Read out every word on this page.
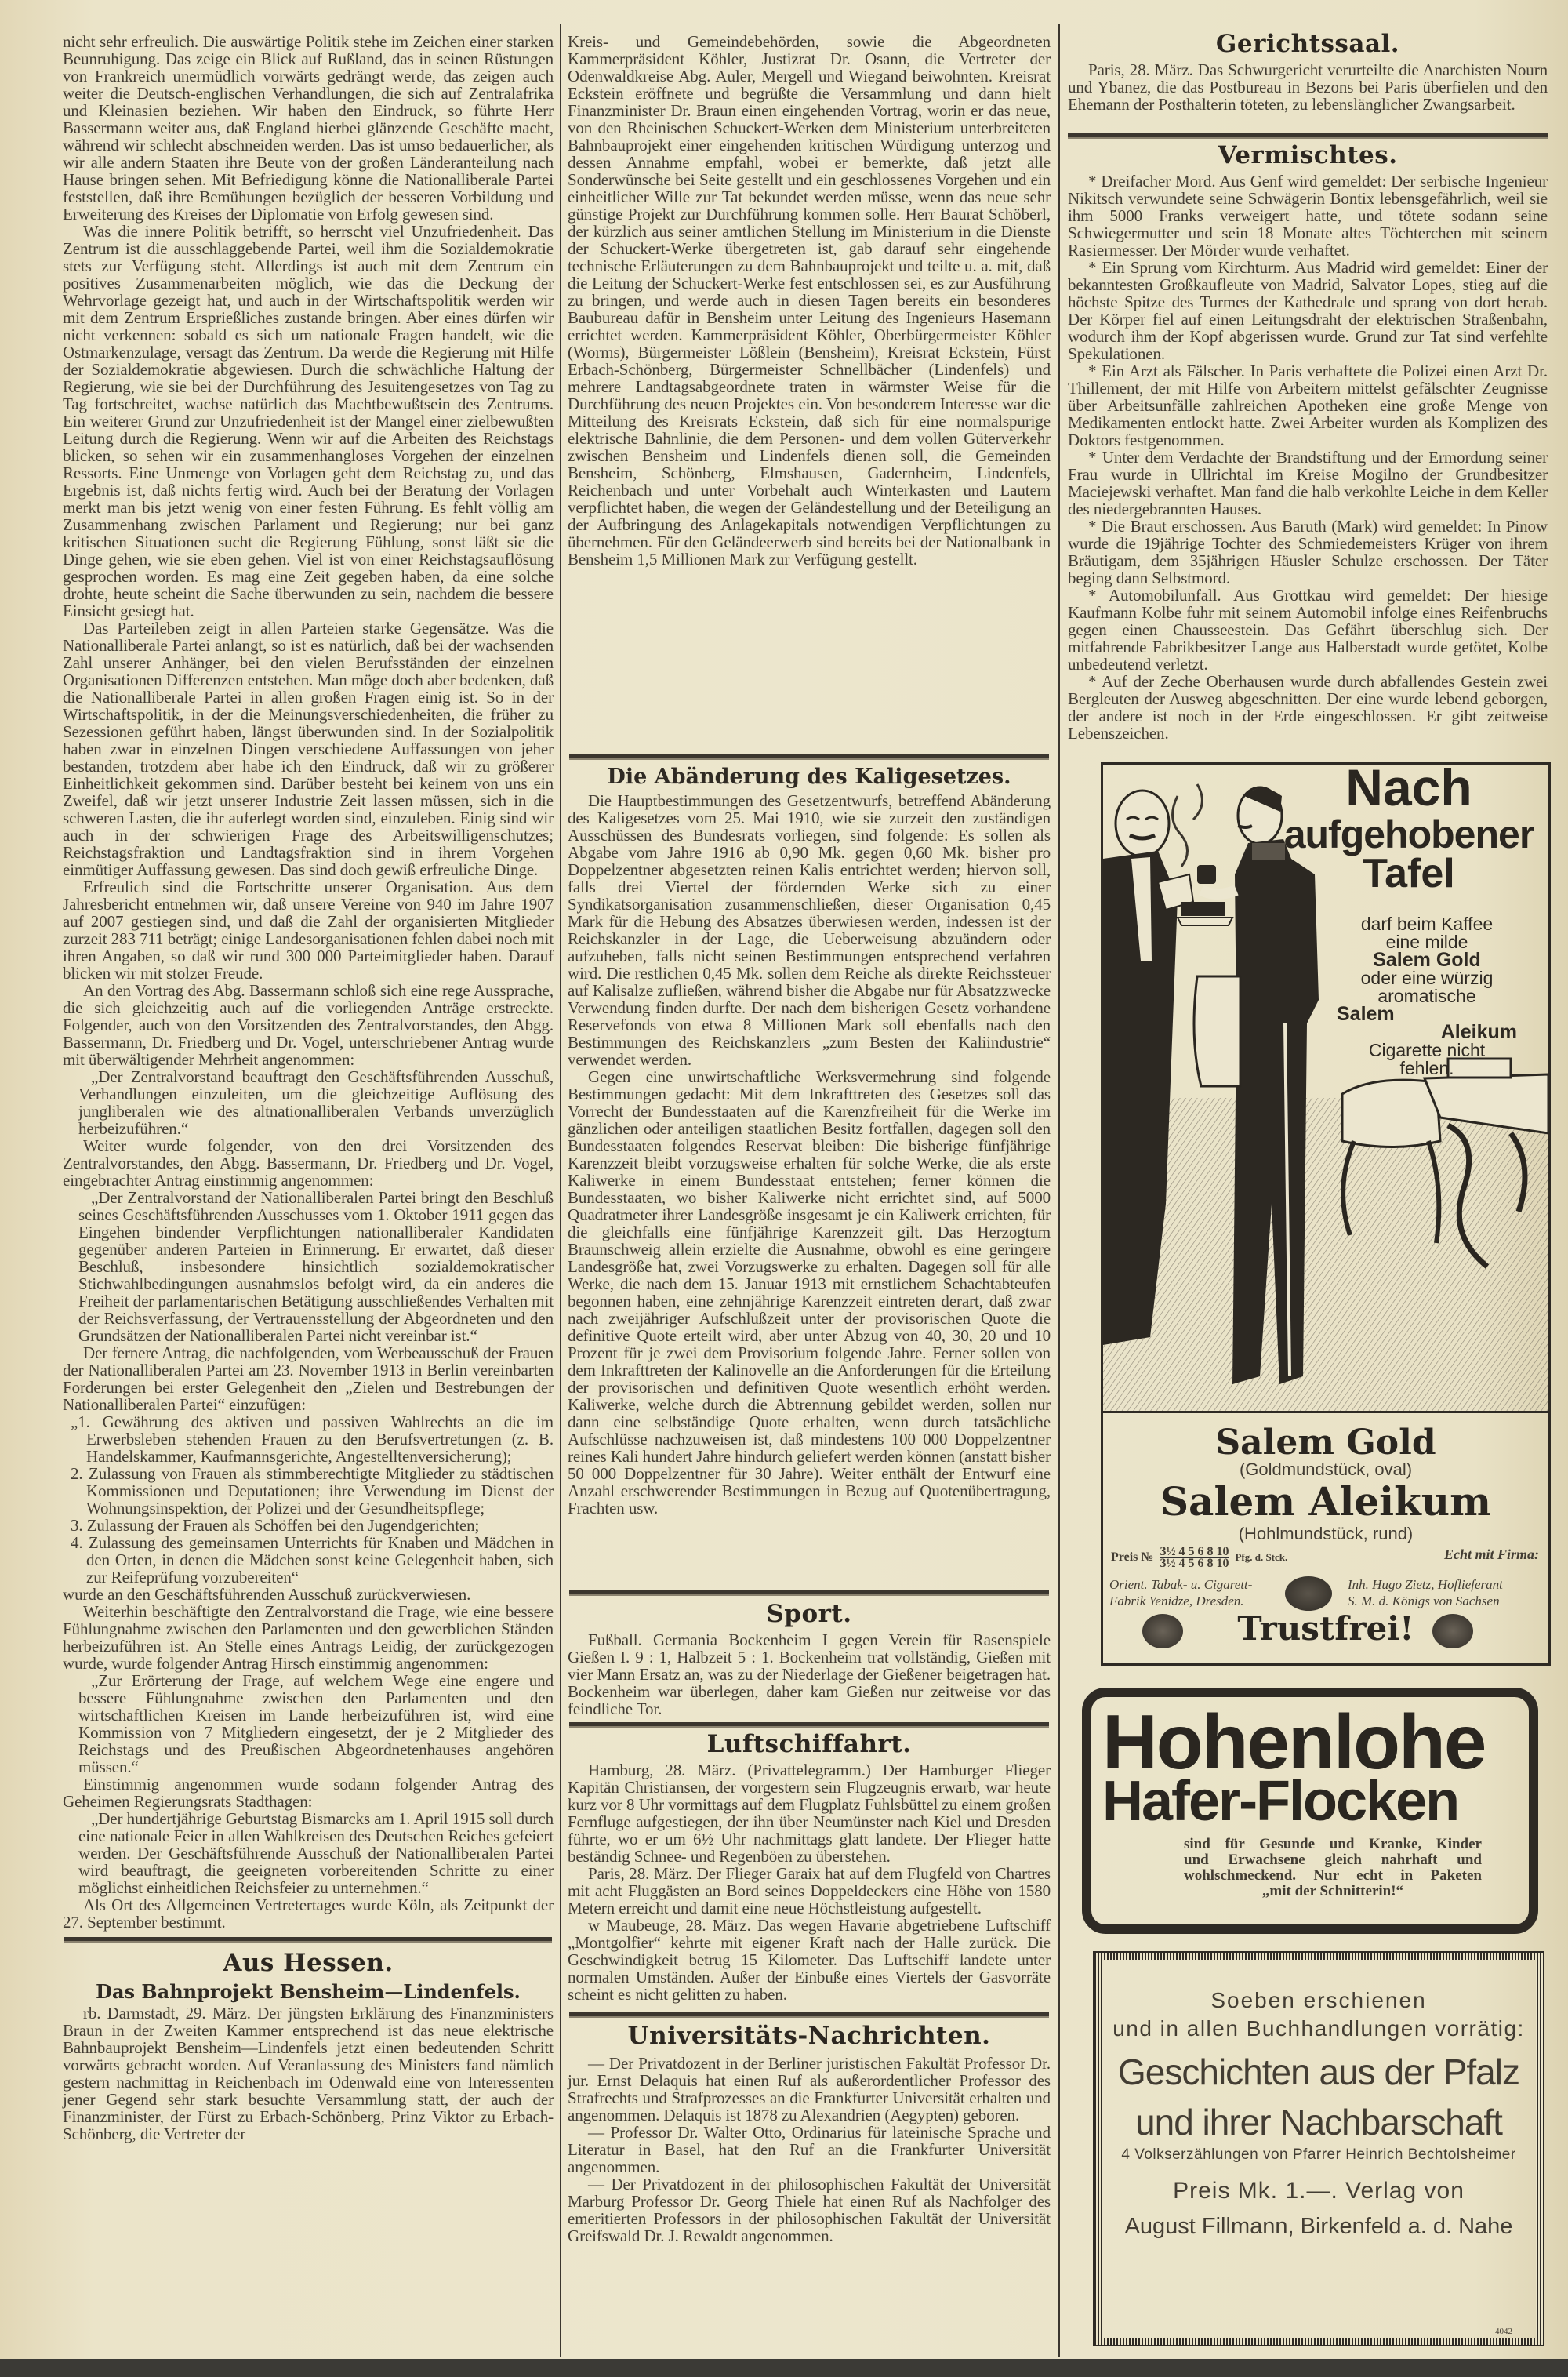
nicht sehr erfreulich. Die auswärtige Politik stehe im Zeichen einer starken Beunruhigung. Das zeige ein Blick auf Rußland, das in seinen Rüstungen von Frankreich unermüdlich vorwärts gedrängt werde, das zeigen auch weiter die Deutsch-englischen Verhandlungen, die sich auf Zentralafrika und Kleinasien beziehen. Wir haben den Eindruck, so führte Herr Bassermann weiter aus, daß England hierbei glänzende Geschäfte macht, während wir schlecht abschneiden werden. Das ist umso bedauerlicher, als wir alle andern Staaten ihre Beute von der großen Länderanteilung nach Hause bringen sehen. Mit Befriedigung könne die Nationalliberale Partei feststellen, daß ihre Bemühungen bezüglich der besseren Vorbildung und Erweiterung des Kreises der Diplomatie von Erfolg gewesen sind.

Was die innere Politik betrifft, so herrscht viel Unzufriedenheit. Das Zentrum ist die ausschlaggebende Partei, weil ihm die Sozialdemokratie stets zur Verfügung steht. Allerdings ist auch mit dem Zentrum ein positives Zusammenarbeiten möglich, wie das die Deckung der Wehrvorlage gezeigt hat, und auch in der Wirtschaftspolitik werden wir mit dem Zentrum Ersprießliches zustande bringen. Aber eines dürfen wir nicht verkennen: sobald es sich um nationale Fragen handelt, wie die Ostmarkenzulage, versagt das Zentrum. Da werde die Regierung mit Hilfe der Sozialdemokratie abgewiesen. Durch die schwächliche Haltung der Regierung, wie sie bei der Durchführung des Jesuitengesetzes von Tag zu Tag fortschreitet, wachse natürlich das Machtbewußtsein des Zentrums. Ein weiterer Grund zur Unzufriedenheit ist der Mangel einer zielbewußten Leitung durch die Regierung. Wenn wir auf die Arbeiten des Reichstags blicken, so sehen wir ein zusammenhangloses Vorgehen der einzelnen Ressorts. Eine Unmenge von Vorlagen geht dem Reichstag zu, und das Ergebnis ist, daß nichts fertig wird. Auch bei der Beratung der Vorlagen merkt man bis jetzt wenig von einer festen Führung. Es fehlt völlig am Zusammenhang zwischen Parlament und Regierung; nur bei ganz kritischen Situationen sucht die Regierung Fühlung, sonst läßt sie die Dinge gehen, wie sie eben gehen. Viel ist von einer Reichstagsauflösung gesprochen worden. Es mag eine Zeit gegeben haben, da eine solche drohte, heute scheint die Sache überwunden zu sein, nachdem die bessere Einsicht gesiegt hat.

Das Parteileben zeigt in allen Parteien starke Gegensätze. Was die Nationalliberale Partei anlangt, so ist es natürlich, daß bei der wachsenden Zahl unserer Anhänger, bei den vielen Berufsständen der einzelnen Organisationen Differenzen entstehen. Man möge doch aber bedenken, daß die Nationalliberale Partei in allen großen Fragen einig ist. So in der Wirtschaftspolitik, in der die Meinungsverschiedenheiten, die früher zu Sezessionen geführt haben, längst überwunden sind. In der Sozialpolitik haben zwar in einzelnen Dingen verschiedene Auffassungen von jeher bestanden, trotzdem aber habe ich den Eindruck, daß wir zu größerer Einheitlichkeit gekommen sind. Darüber besteht bei keinem von uns ein Zweifel, daß wir jetzt unserer Industrie Zeit lassen müssen, sich in die schweren Lasten, die ihr auferlegt worden sind, einzuleben. Einig sind wir auch in der schwierigen Frage des Arbeitswilligenschutzes; Reichstagsfraktion und Landtagsfraktion sind in ihrem Vorgehen einmütiger Auffassung gewesen. Das sind doch gewiß erfreuliche Dinge.

Erfreulich sind die Fortschritte unserer Organisation. Aus dem Jahresbericht entnehmen wir, daß unsere Vereine von 940 im Jahre 1907 auf 2007 gestiegen sind, und daß die Zahl der organisierten Mitglieder zurzeit 283 711 beträgt; einige Landesorganisationen fehlen dabei noch mit ihren Angaben, so daß wir rund 300 000 Parteimitglieder haben. Darauf blicken wir mit stolzer Freude.

An den Vortrag des Abg. Bassermann schloß sich eine rege Aussprache, die sich gleichzeitig auch auf die vorliegenden Anträge erstreckte. Folgender, auch von den Vorsitzenden des Zentralvorstandes, den Abgg. Bassermann, Dr. Friedberg und Dr. Vogel, unterschriebener Antrag wurde mit überwältigender Mehrheit angenommen:

„Der Zentralvorstand beauftragt den Geschäftsführenden Ausschuß, Verhandlungen einzuleiten, um die gleichzeitige Auflösung des jungliberalen wie des altnationalliberalen Verbands unverzüglich herbeizuführen.“

Weiter wurde folgender, von den drei Vorsitzenden des Zentralvorstandes, den Abgg. Bassermann, Dr. Friedberg und Dr. Vogel, eingebrachter Antrag einstimmig angenommen:

„Der Zentralvorstand der Nationalliberalen Partei bringt den Beschluß seines Geschäftsführenden Ausschusses vom 1. Oktober 1911 gegen das Eingehen bindender Verpflichtungen nationalliberaler Kandidaten gegenüber anderen Parteien in Erinnerung. Er erwartet, daß dieser Beschluß, insbesondere hinsichtlich sozialdemokratischer Stichwahlbedingungen ausnahmslos befolgt wird, da ein anderes die Freiheit der parlamentarischen Betätigung ausschließendes Verhalten mit der Reichsverfassung, der Vertrauensstellung der Abgeordneten und den Grundsätzen der Nationalliberalen Partei nicht vereinbar ist.“

Der fernere Antrag, die nachfolgenden, vom Werbeausschuß der Frauen der Nationalliberalen Partei am 23. November 1913 in Berlin vereinbarten Forderungen bei erster Gelegenheit den „Zielen und Bestrebungen der Nationalliberalen Partei“ einzufügen:

„1. Gewährung des aktiven und passiven Wahlrechts an die im Erwerbsleben stehenden Frauen zu den Berufsvertretungen (z. B. Handelskammer, Kaufmannsgerichte, Angestelltenversicherung);

2. Zulassung von Frauen als stimmberechtigte Mitglieder zu städtischen Kommissionen und Deputationen; ihre Verwendung im Dienst der Wohnungsinspektion, der Polizei und der Gesundheitspflege;

3. Zulassung der Frauen als Schöffen bei den Jugendgerichten;

4. Zulassung des gemeinsamen Unterrichts für Knaben und Mädchen in den Orten, in denen die Mädchen sonst keine Gelegenheit haben, sich zur Reifeprüfung vorzubereiten“

wurde an den Geschäftsführenden Ausschuß zurückverwiesen.

Weiterhin beschäftigte den Zentralvorstand die Frage, wie eine bessere Fühlungnahme zwischen den Parlamenten und den gewerblichen Ständen herbeizuführen ist. An Stelle eines Antrags Leidig, der zurückgezogen wurde, wurde folgender Antrag Hirsch einstimmig angenommen:

„Zur Erörterung der Frage, auf welchem Wege eine engere und bessere Fühlungnahme zwischen den Parlamenten und den wirtschaftlichen Kreisen im Lande herbeizuführen ist, wird eine Kommission von 7 Mitgliedern eingesetzt, der je 2 Mitglieder des Reichstags und des Preußischen Abgeordnetenhauses angehören müssen.“

Einstimmig angenommen wurde sodann folgender Antrag des Geheimen Regierungsrats Stadthagen:

„Der hundertjährige Geburtstag Bismarcks am 1. April 1915 soll durch eine nationale Feier in allen Wahlkreisen des Deutschen Reiches gefeiert werden. Der Geschäftsführende Ausschuß der Nationalliberalen Partei wird beauftragt, die geeigneten vorbereitenden Schritte zu einer möglichst einheitlichen Reichsfeier zu unternehmen.“

Als Ort des Allgemeinen Vertretertages wurde Köln, als Zeitpunkt der 27. September bestimmt.

Aus Hessen.
Das Bahnprojekt Bensheim—Lindenfels.

rb. Darmstadt, 29. März. Der jüngsten Erklärung des Finanzministers Braun in der Zweiten Kammer entsprechend ist das neue elektrische Bahnbauprojekt Bensheim—Lindenfels jetzt einen bedeutenden Schritt vorwärts gebracht worden. Auf Veranlassung des Ministers fand nämlich gestern nachmittag in Reichenbach im Odenwald eine von Interessenten jener Gegend sehr stark besuchte Versammlung statt, der auch der Finanzminister, der Fürst zu Erbach-Schönberg, Prinz Viktor zu Erbach-Schönberg, die Vertreter der

Kreis- und Gemeindebehörden, sowie die Abgeordneten Kammerpräsident Köhler, Justizrat Dr. Osann, die Vertreter der Odenwaldkreise Abg. Auler, Mergell und Wiegand beiwohnten. Kreisrat Eckstein eröffnete und begrüßte die Versammlung und dann hielt Finanzminister Dr. Braun einen eingehenden Vortrag, worin er das neue, von den Rheinischen Schuckert-Werken dem Ministerium unterbreiteten Bahnbauprojekt einer eingehenden kritischen Würdigung unterzog und dessen Annahme empfahl, wobei er bemerkte, daß jetzt alle Sonderwünsche bei Seite gestellt und ein geschlossenes Vorgehen und ein einheitlicher Wille zur Tat bekundet werden müsse, wenn das neue sehr günstige Projekt zur Durchführung kommen solle. Herr Baurat Schöberl, der kürzlich aus seiner amtlichen Stellung im Ministerium in die Dienste der Schuckert-Werke übergetreten ist, gab darauf sehr eingehende technische Erläuterungen zu dem Bahnbauprojekt und teilte u. a. mit, daß die Leitung der Schuckert-Werke fest entschlossen sei, es zur Ausführung zu bringen, und werde auch in diesen Tagen bereits ein besonderes Baubureau dafür in Bensheim unter Leitung des Ingenieurs Hasemann errichtet werden. Kammerpräsident Köhler, Oberbürgermeister Köhler (Worms), Bürgermeister Lößlein (Bensheim), Kreisrat Eckstein, Fürst Erbach-Schönberg, Bürgermeister Schnellbächer (Lindenfels) und mehrere Landtagsabgeordnete traten in wärmster Weise für die Durchführung des neuen Projektes ein. Von besonderem Interesse war die Mitteilung des Kreisrats Eckstein, daß sich für eine normalspurige elektrische Bahnlinie, die dem Personen- und dem vollen Güterverkehr zwischen Bensheim und Lindenfels dienen soll, die Gemeinden Bensheim, Schönberg, Elmshausen, Gadernheim, Lindenfels, Reichenbach und unter Vorbehalt auch Winterkasten und Lautern verpflichtet haben, die wegen der Geländestellung und der Beteiligung an der Aufbringung des Anlagekapitals notwendigen Verpflichtungen zu übernehmen. Für den Geländeerwerb sind bereits bei der Nationalbank in Bensheim 1,5 Millionen Mark zur Verfügung gestellt.

Die Abänderung des Kaligesetzes.

Die Hauptbestimmungen des Gesetzentwurfs, betreffend Abänderung des Kaligesetzes vom 25. Mai 1910, wie sie zurzeit den zuständigen Ausschüssen des Bundesrats vorliegen, sind folgende: Es sollen als Abgabe vom Jahre 1916 ab 0,90 Mk. gegen 0,60 Mk. bisher pro Doppelzentner abgesetzten reinen Kalis entrichtet werden; hiervon soll, falls drei Viertel der fördernden Werke sich zu einer Syndikatsorganisation zusammenschließen, dieser Organisation 0,45 Mark für die Hebung des Absatzes überwiesen werden, indessen ist der Reichskanzler in der Lage, die Ueberweisung abzuändern oder aufzuheben, falls nicht seinen Bestimmungen entsprechend verfahren wird. Die restlichen 0,45 Mk. sollen dem Reiche als direkte Reichssteuer auf Kalisalze zufließen, während bisher die Abgabe nur für Absatzzwecke Verwendung finden durfte. Der nach dem bisherigen Gesetz vorhandene Reservefonds von etwa 8 Millionen Mark soll ebenfalls nach den Bestimmungen des Reichskanzlers „zum Besten der Kaliindustrie“ verwendet werden.

Gegen eine unwirtschaftliche Werksvermehrung sind folgende Bestimmungen gedacht: Mit dem Inkrafttreten des Gesetzes soll das Vorrecht der Bundesstaaten auf die Karenzfreiheit für die Werke im gänzlichen oder anteiligen staatlichen Besitz fortfallen, dagegen soll den Bundesstaaten folgendes Reservat bleiben: Die bisherige fünfjährige Karenzzeit bleibt vorzugsweise erhalten für solche Werke, die als erste Kaliwerke in einem Bundesstaat entstehen; ferner können die Bundesstaaten, wo bisher Kaliwerke nicht errichtet sind, auf 5000 Quadratmeter ihrer Landesgröße insgesamt je ein Kaliwerk errichten, für die gleichfalls eine fünfjährige Karenzzeit gilt. Das Herzogtum Braunschweig allein erzielte die Ausnahme, obwohl es eine geringere Landesgröße hat, zwei Vorzugswerke zu erhalten. Dagegen soll für alle Werke, die nach dem 15. Januar 1913 mit ernstlichem Schachtabteufen begonnen haben, eine zehnjährige Karenzzeit eintreten derart, daß zwar nach zweijähriger Aufschlußzeit unter der provisorischen Quote die definitive Quote erteilt wird, aber unter Abzug von 40, 30, 20 und 10 Prozent für je zwei dem Provisorium folgende Jahre. Ferner sollen von dem Inkrafttreten der Kalinovelle an die Anforderungen für die Erteilung der provisorischen und definitiven Quote wesentlich erhöht werden. Kaliwerke, welche durch die Abtrennung gebildet werden, sollen nur dann eine selbständige Quote erhalten, wenn durch tatsächliche Aufschlüsse nachzuweisen ist, daß mindestens 100 000 Doppelzentner reines Kali hundert Jahre hindurch geliefert werden können (anstatt bisher 50 000 Doppelzentner für 30 Jahre). Weiter enthält der Entwurf eine Anzahl erschwerender Bestimmungen in Bezug auf Quotenübertragung, Frachten usw.

Sport.

Fußball. Germania Bockenheim I gegen Verein für Rasenspiele Gießen I. 9 : 1, Halbzeit 5 : 1. Bockenheim trat vollständig, Gießen mit vier Mann Ersatz an, was zu der Niederlage der Gießener beigetragen hat. Bockenheim war überlegen, daher kam Gießen nur zeitweise vor das feindliche Tor.

Luftschiffahrt.

Hamburg, 28. März. (Privattelegramm.) Der Hamburger Flieger Kapitän Christiansen, der vorgestern sein Flugzeugnis erwarb, war heute kurz vor 8 Uhr vormittags auf dem Flugplatz Fuhlsbüttel zu einem großen Fernfluge aufgestiegen, der ihn über Neumünster nach Kiel und Dresden führte, wo er um 6½ Uhr nachmittags glatt landete. Der Flieger hatte beständig Schnee- und Regenböen zu überstehen.

Paris, 28. März. Der Flieger Garaix hat auf dem Flugfeld von Chartres mit acht Fluggästen an Bord seines Doppeldeckers eine Höhe von 1580 Metern erreicht und damit eine neue Höchstleistung aufgestellt.

w Maubeuge, 28. März. Das wegen Havarie abgetriebene Luftschiff „Montgolfier“ kehrte mit eigener Kraft nach der Halle zurück. Die Geschwindigkeit betrug 15 Kilometer. Das Luftschiff landete unter normalen Umständen. Außer der Einbuße eines Viertels der Gasvorräte scheint es nicht gelitten zu haben.

Universitäts-Nachrichten.

— Der Privatdozent in der Berliner juristischen Fakultät Professor Dr. jur. Ernst Delaquis hat einen Ruf als außerordentlicher Professor des Strafrechts und Strafprozesses an die Frankfurter Universität erhalten und angenommen. Delaquis ist 1878 zu Alexandrien (Aegypten) geboren.

— Professor Dr. Walter Otto, Ordinarius für lateinische Sprache und Literatur in Basel, hat den Ruf an die Frankfurter Universität angenommen.

— Der Privatdozent in der philosophischen Fakultät der Universität Marburg Professor Dr. Georg Thiele hat einen Ruf als Nachfolger des emeritierten Professors in der philosophischen Fakultät der Universität Greifswald Dr. J. Rewaldt angenommen.

Gerichtssaal.

Paris, 28. März. Das Schwurgericht verurteilte die Anarchisten Nourn und Ybanez, die das Postbureau in Bezons bei Paris überfielen und den Ehemann der Posthalterin töteten, zu lebenslänglicher Zwangsarbeit.

Vermischtes.

* Dreifacher Mord. Aus Genf wird gemeldet: Der serbische Ingenieur Nikitsch verwundete seine Schwägerin Bontix lebensgefährlich, weil sie ihm 5000 Franks verweigert hatte, und tötete sodann seine Schwiegermutter und sein 18 Monate altes Töchterchen mit seinem Rasiermesser. Der Mörder wurde verhaftet.

* Ein Sprung vom Kirchturm. Aus Madrid wird gemeldet: Einer der bekanntesten Großkaufleute von Madrid, Salvator Lopes, stieg auf die höchste Spitze des Turmes der Kathedrale und sprang von dort herab. Der Körper fiel auf einen Leitungsdraht der elektrischen Straßenbahn, wodurch ihm der Kopf abgerissen wurde. Grund zur Tat sind verfehlte Spekulationen.

* Ein Arzt als Fälscher. In Paris verhaftete die Polizei einen Arzt Dr. Thillement, der mit Hilfe von Arbeitern mittelst gefälschter Zeugnisse über Arbeitsunfälle zahlreichen Apotheken eine große Menge von Medikamenten entlockt hatte. Zwei Arbeiter wurden als Komplizen des Doktors festgenommen.

* Unter dem Verdachte der Brandstiftung und der Ermordung seiner Frau wurde in Ullrichtal im Kreise Mogilno der Grundbesitzer Maciejewski verhaftet. Man fand die halb verkohlte Leiche in dem Keller des niedergebrannten Hauses.

* Die Braut erschossen. Aus Baruth (Mark) wird gemeldet: In Pinow wurde die 19jährige Tochter des Schmiedemeisters Krüger von ihrem Bräutigam, dem 35jährigen Häusler Schulze erschossen. Der Täter beging dann Selbstmord.

* Automobilunfall. Aus Grottkau wird gemeldet: Der hiesige Kaufmann Kolbe fuhr mit seinem Automobil infolge eines Reifenbruchs gegen einen Chausseestein. Das Gefährt überschlug sich. Der mitfahrende Fabrikbesitzer Lange aus Halberstadt wurde getötet, Kolbe unbedeutend verletzt.

* Auf der Zeche Oberhausen wurde durch abfallendes Gestein zwei Bergleuten der Ausweg abgeschnitten. Der eine wurde lebend geborgen, der andere ist noch in der Erde eingeschlossen. Er gibt zeitweise Lebenszeichen.

Nach
aufgehobener
Tafel
darf beim Kaffee
eine milde
Salem Gold
oder eine würzig
aromatische
Salem
Aleikum
Cigarette nicht
fehlen.
Salem Gold
(Goldmundstück, oval)
Salem Aleikum
(Hohlmundstück, rund)
Preis № $\frac{\text{3½ 4 5 6 8 10}}{\text{3½ 4 5 6 8 10}}$ Pfg. d. Stck.	Echt mit Firma:
Orient. Tabak- u. Cigarett-
Fabrik Yenidze, Dresden.
Inh. Hugo Zietz, Hoflieferant
S. M. d. Königs von Sachsen
Trustfrei!
Hohenlohe
Hafer-Flocken
sind für Gesunde und Kranke, Kinder
und Erwachsene gleich nahrhaft und
wohlschmeckend. Nur echt in Paketen
„mit der Schnitterin!“
Soeben erschienen
und in allen Buchhandlungen vorrätig:
Geschichten aus der Pfalz
und ihrer Nachbarschaft
4 Volkserzählungen von Pfarrer Heinrich Bechtolsheimer
Preis Mk. 1.—. Verlag von
August Fillmann, Birkenfeld a. d. Nahe
4042
